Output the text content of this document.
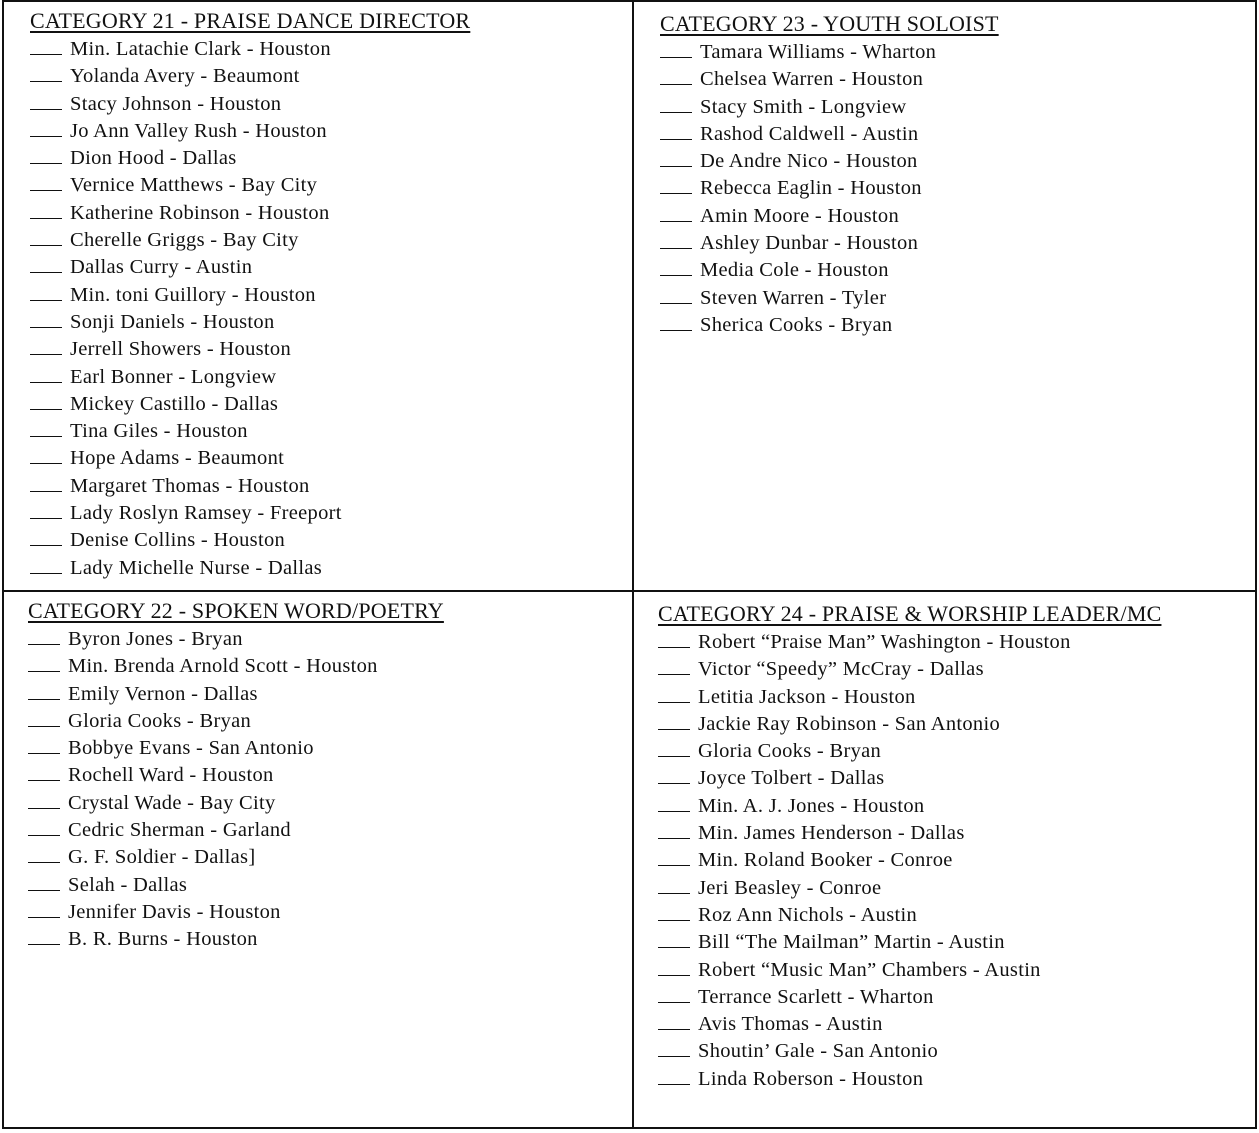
CATEGORY 21 - PRAISE DANCE DIRECTOR
Min. Latachie Clark - Houston
Yolanda Avery - Beaumont
Stacy Johnson - Houston
Jo Ann Valley Rush - Houston
Dion Hood - Dallas
Vernice Matthews - Bay City
Katherine Robinson - Houston
Cherelle Griggs - Bay City
Dallas Curry - Austin
Min. toni Guillory - Houston
Sonji Daniels - Houston
Jerrell Showers - Houston
Earl Bonner - Longview
Mickey Castillo - Dallas
Tina Giles - Houston
Hope Adams - Beaumont
Margaret Thomas - Houston
Lady Roslyn Ramsey - Freeport
Denise Collins - Houston
Lady Michelle Nurse - Dallas
CATEGORY 23 - YOUTH SOLOIST
Tamara Williams - Wharton
Chelsea Warren - Houston
Stacy Smith - Longview
Rashod Caldwell - Austin
De Andre Nico - Houston
Rebecca Eaglin - Houston
Amin Moore - Houston
Ashley Dunbar - Houston
Media Cole - Houston
Steven Warren - Tyler
Sherica Cooks - Bryan
CATEGORY 22 - SPOKEN WORD/POETRY
Byron Jones - Bryan
Min. Brenda Arnold Scott - Houston
Emily Vernon - Dallas
Gloria Cooks - Bryan
Bobbye Evans - San Antonio
Rochell Ward - Houston
Crystal Wade - Bay City
Cedric Sherman - Garland
G. F. Soldier - Dallas]
Selah - Dallas
Jennifer Davis - Houston
B. R. Burns - Houston
CATEGORY 24 - PRAISE & WORSHIP LEADER/MC
Robert “Praise Man” Washington - Houston
Victor “Speedy” McCray - Dallas
Letitia Jackson - Houston
Jackie Ray Robinson - San Antonio
Gloria Cooks - Bryan
Joyce Tolbert - Dallas
Min. A. J. Jones - Houston
Min. James Henderson - Dallas
Min. Roland Booker - Conroe
Jeri Beasley - Conroe
Roz Ann Nichols - Austin
Bill “The Mailman” Martin - Austin
Robert “Music Man” Chambers - Austin
Terrance Scarlett - Wharton
Avis Thomas - Austin
Shoutin’ Gale - San Antonio
Linda Roberson - Houston
